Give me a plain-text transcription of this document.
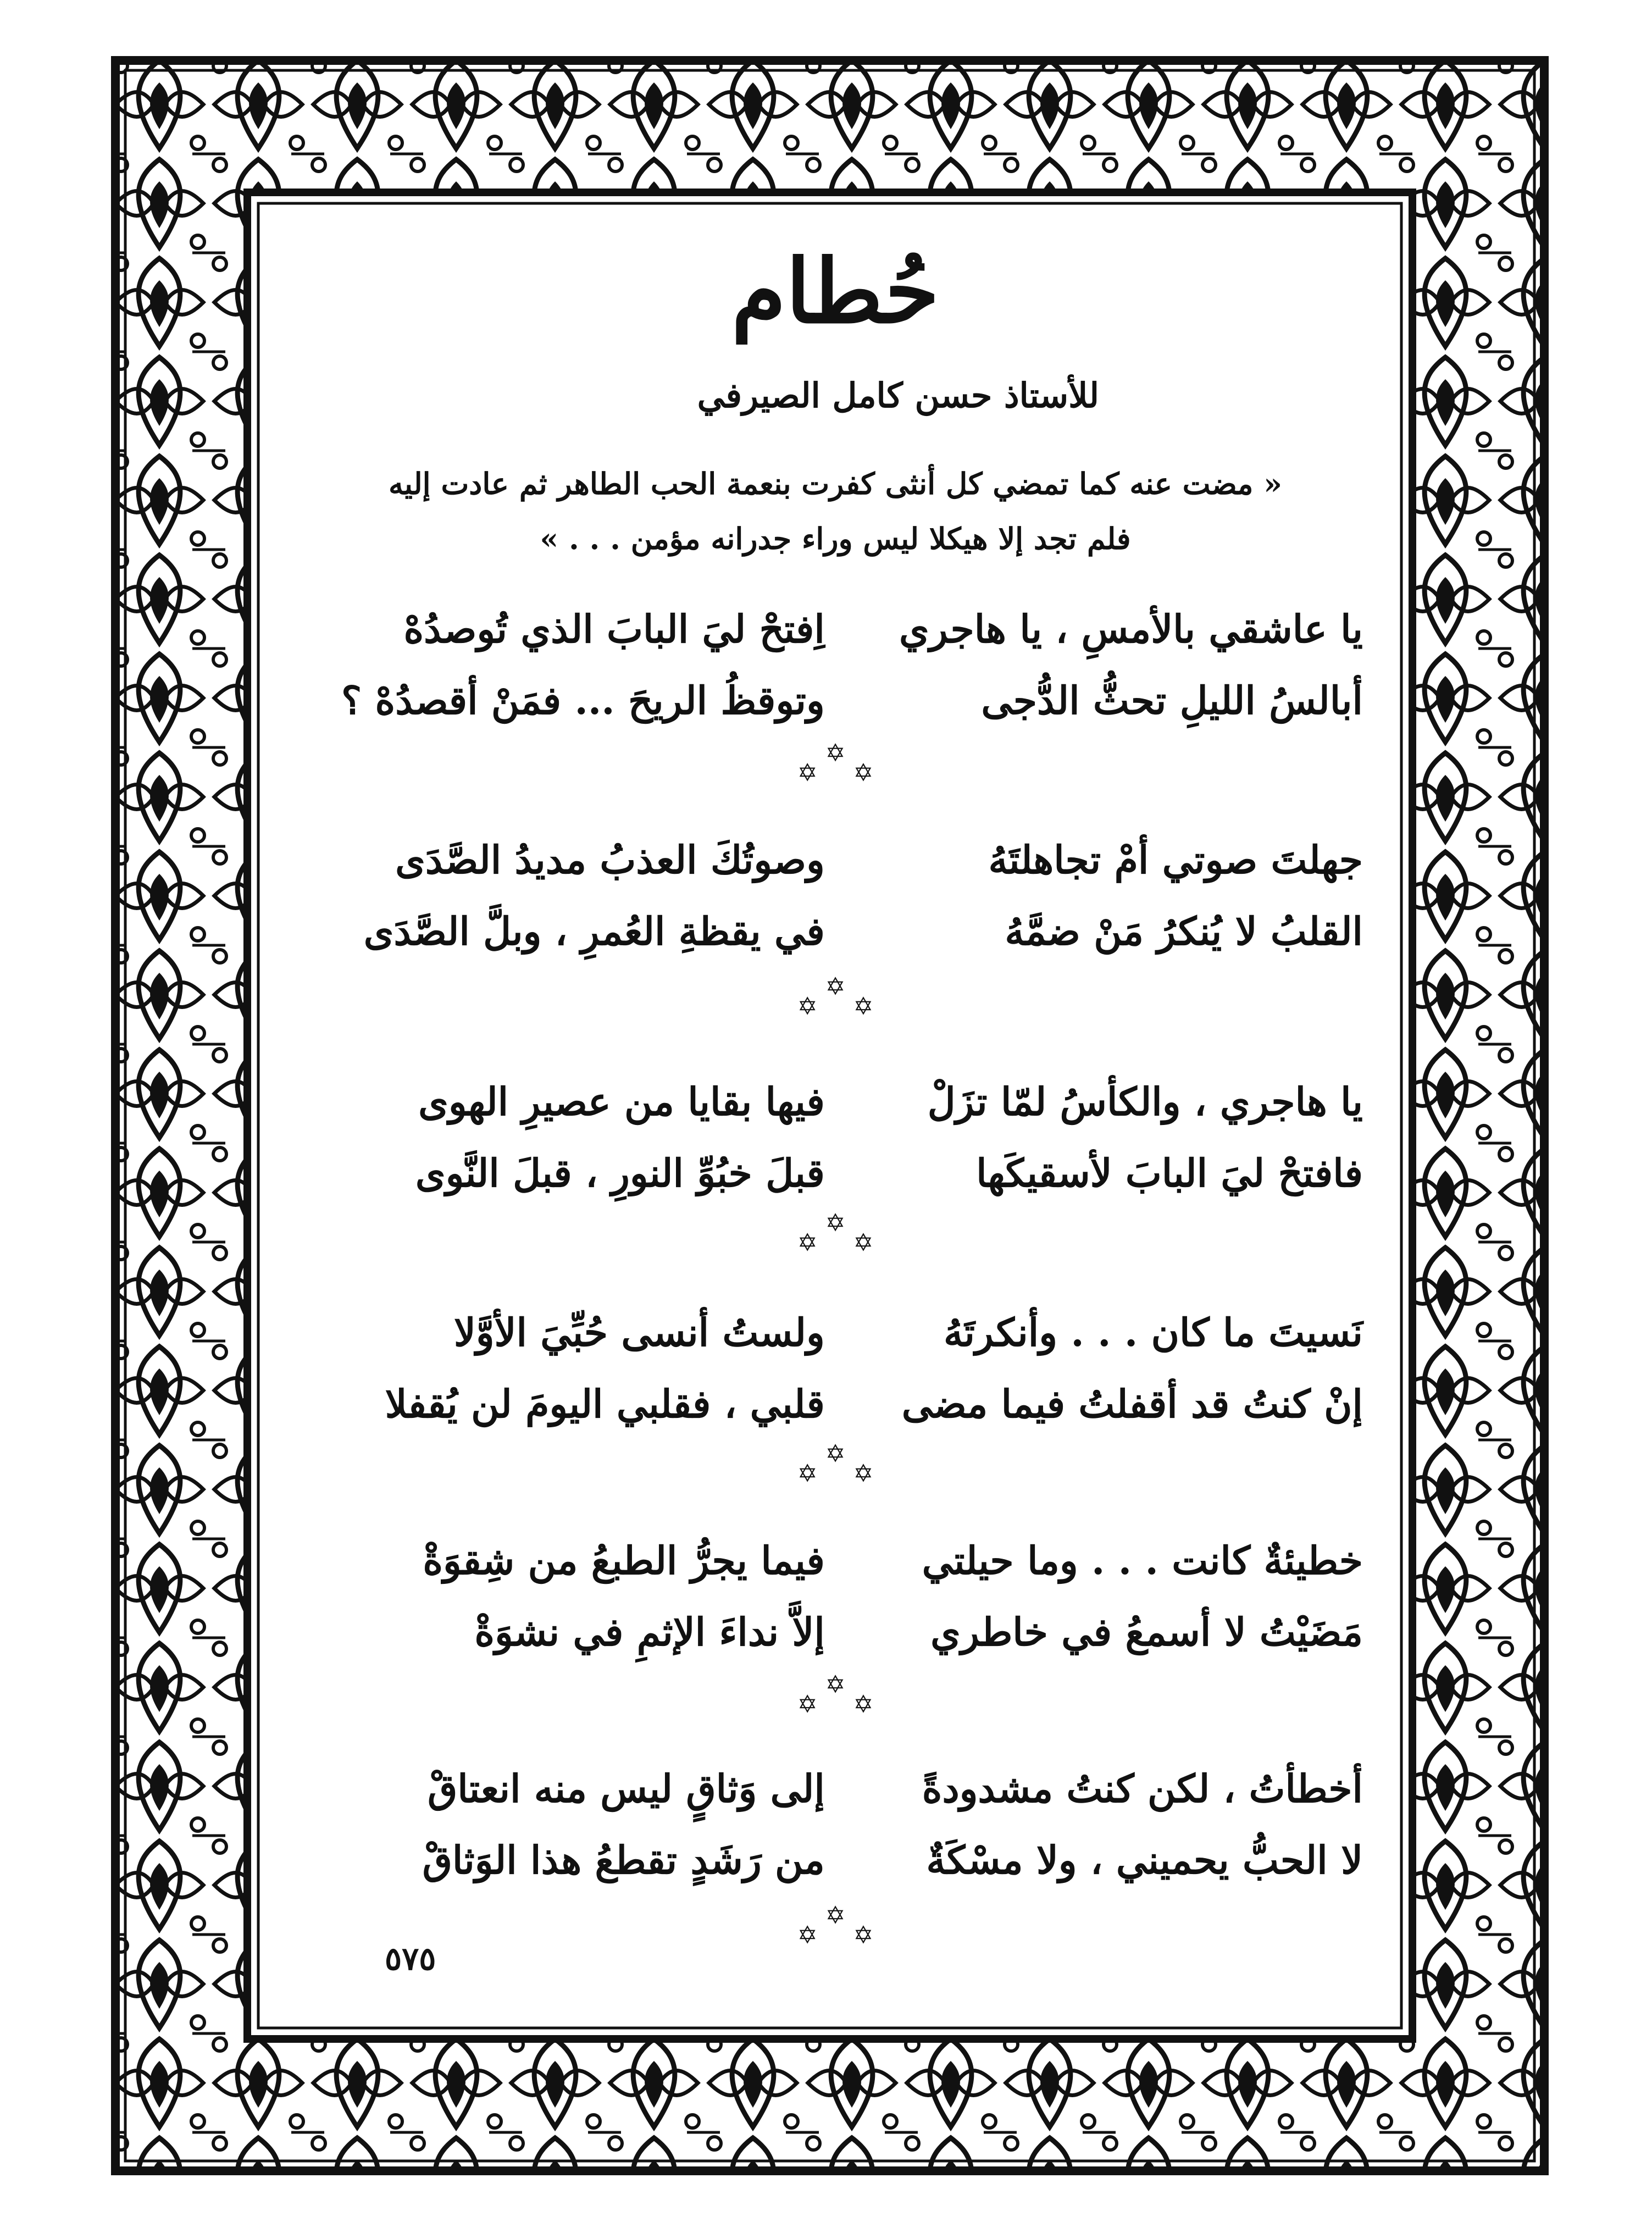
حُطام
للأستاذ حسن كامل الصيرفي
« مضت عنه كما تمضي كل أنثى كفرت بنعمة الحب الطاهر ثم عادت إليه
فلم تجد إلا هيكلا ليس وراء جدرانه مؤمن . . . »
يا عاشقي بالأمسِ ، يا هاجري
اِفتحْ ليَ البابَ الذي تُوصدُهْ
أبالسُ الليلِ تحثُّ الدُّجى
وتوقظُ الريحَ ... فمَنْ أقصدُهْ ؟
✡ ✡ ✡
جهلتَ صوتي أمْ تجاهلتَهُ
وصوتُكَ العذبُ مديدُ الصَّدَى
القلبُ لا يُنكرُ مَنْ ضمَّهُ
في يقظةِ العُمرِ ، وبلَّ الصَّدَى
✡ ✡ ✡
يا هاجري ، والكأسُ لمّا تزَلْ
فيها بقايا من عصيرِ الهوى
فافتحْ ليَ البابَ لأسقيكَها
قبلَ خبُوِّ النورِ ، قبلَ النَّوى
✡ ✡ ✡
نَسيتَ ما كان . . . وأنكرتَهُ
ولستُ أنسى حُبِّيَ الأوَّلا
إنْ كنتُ قد أقفلتُ فيما مضى
قلبي ، فقلبي اليومَ لن يُقفلا
✡ ✡ ✡
خطيئةٌ كانت . . . وما حيلتي
فيما يجرُّ الطبعُ من شِقوَةْ
مَضَيْتُ لا أسمعُ في خاطري
إلاَّ نداءَ الإثمِ في نشوَةْ
✡ ✡ ✡
أخطأتُ ، لكن كنتُ مشدودةً
إلى وَثاقٍ ليس منه انعتاقْ
لا الحبُّ يحميني ، ولا مسْكَةٌ
من رَشَدٍ تقطعُ هذا الوَثاقْ
✡ ✡ ✡
٥٧٥
